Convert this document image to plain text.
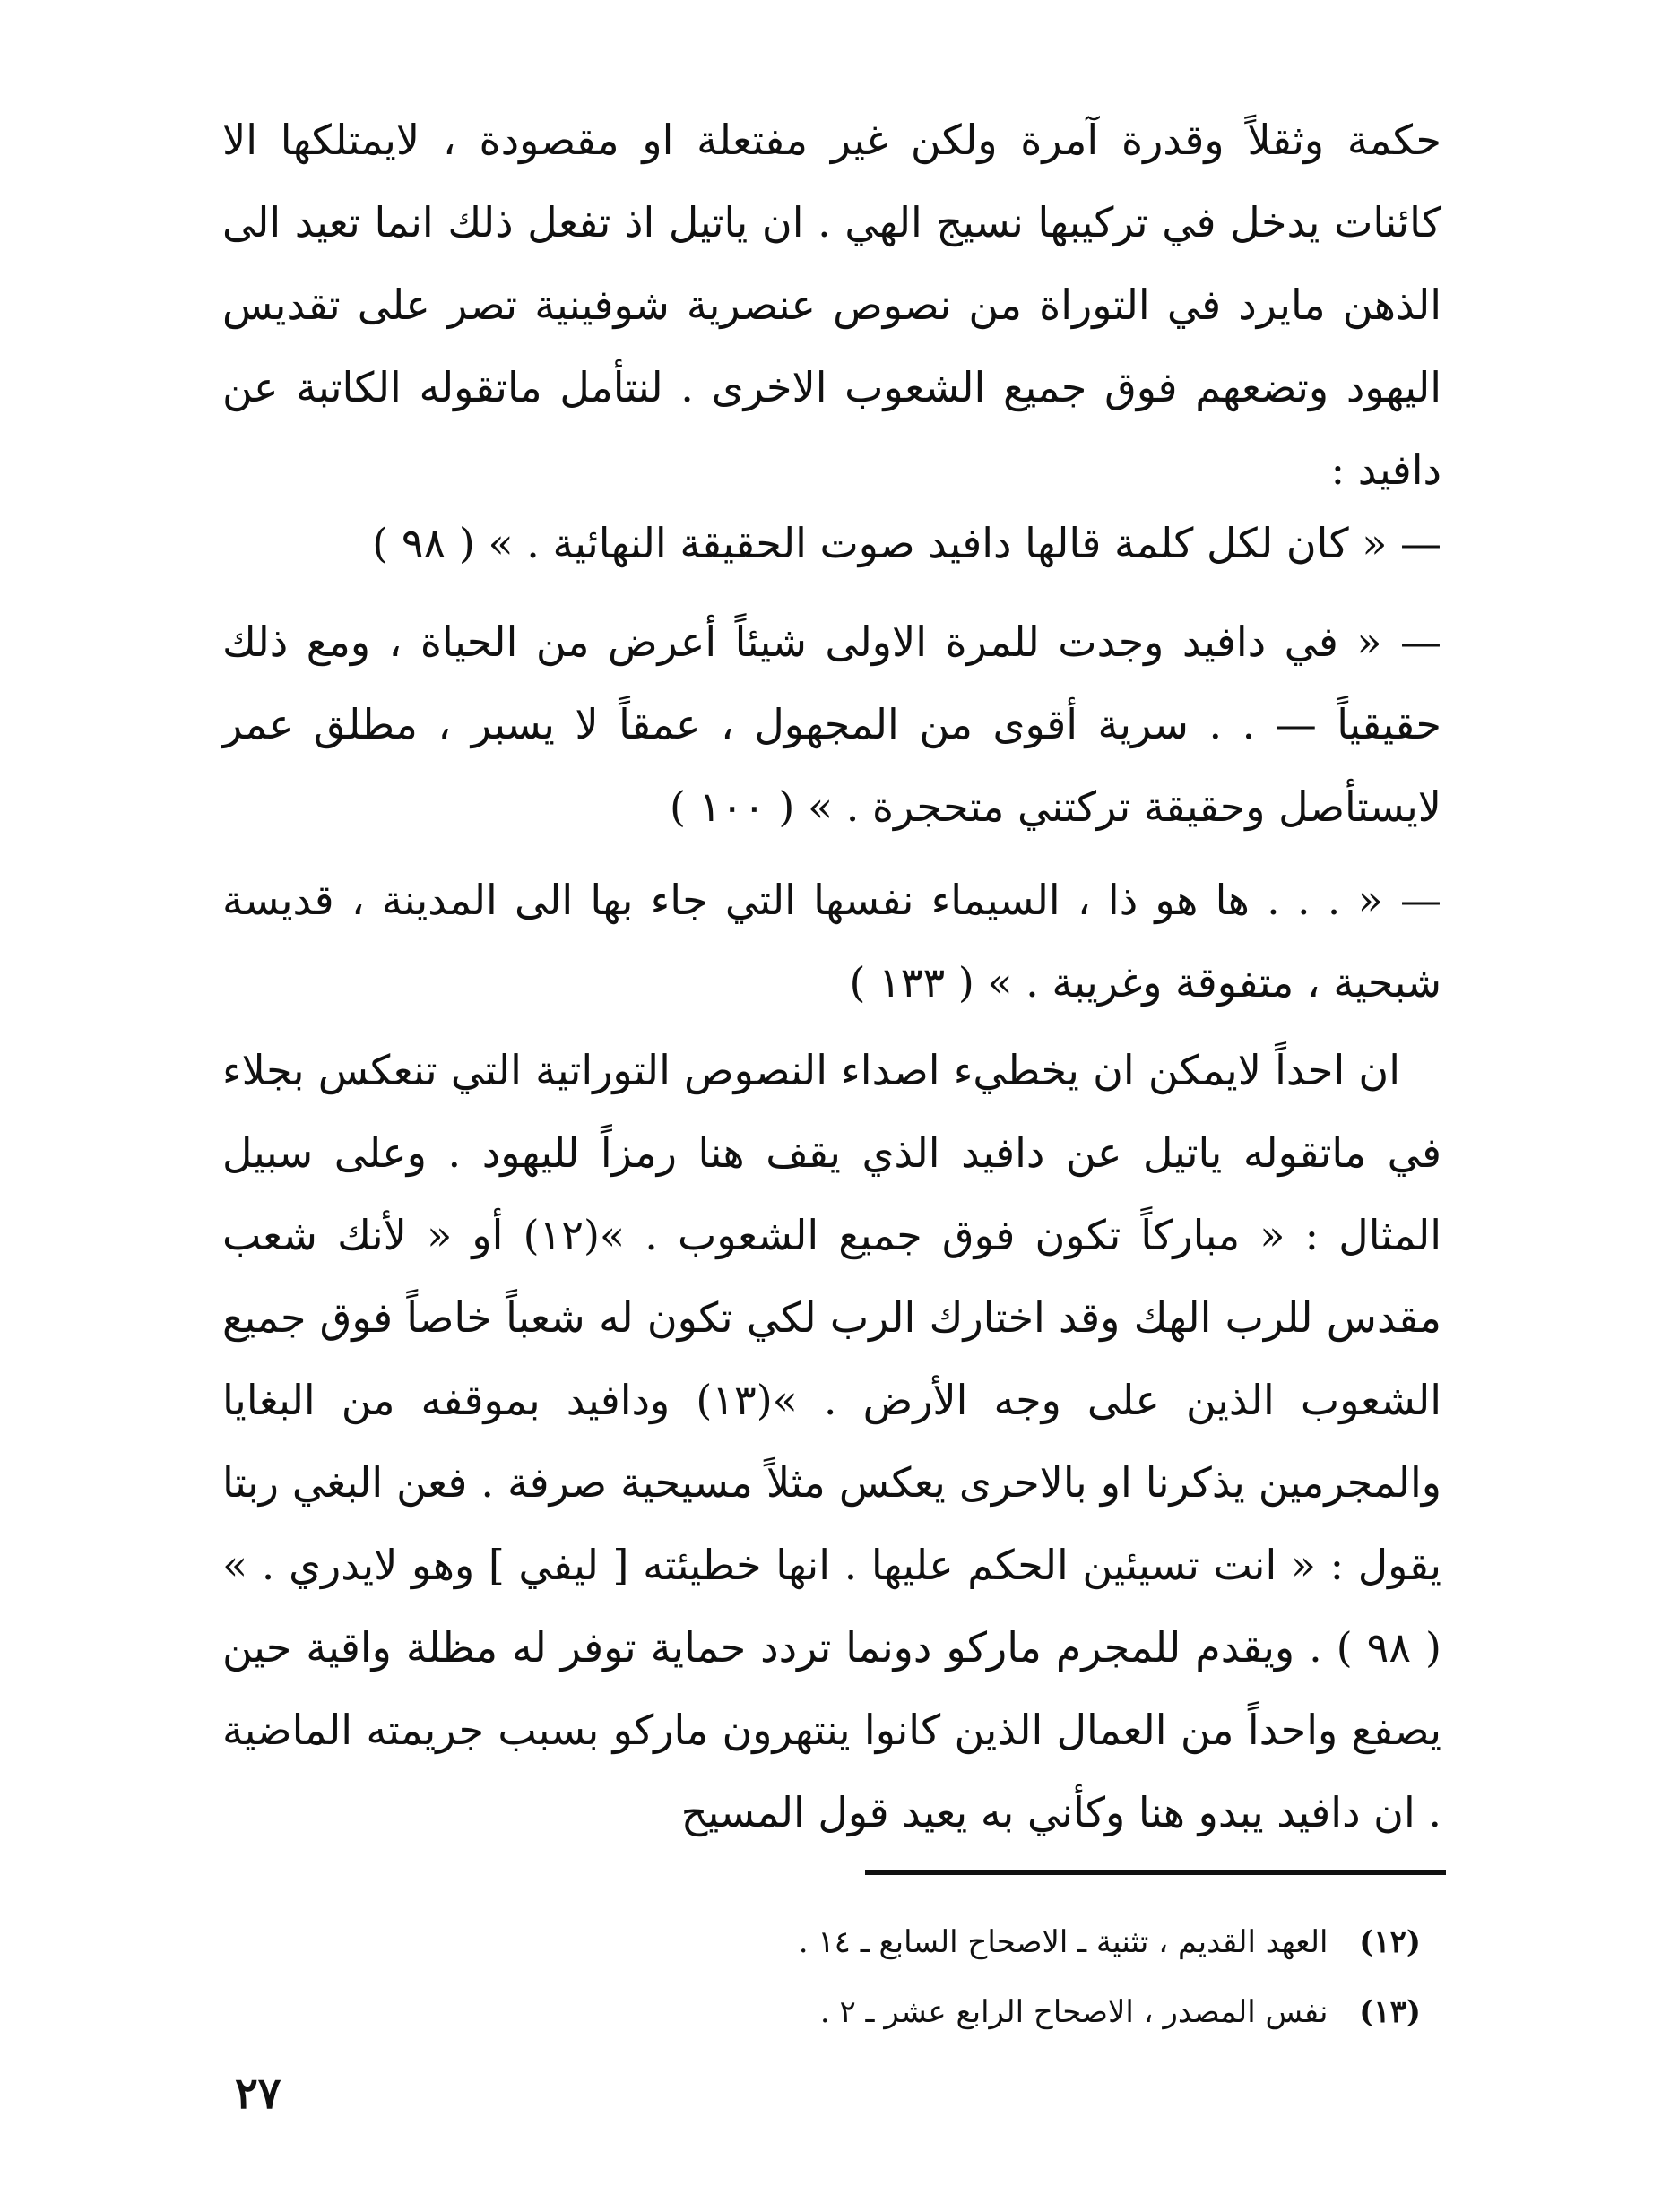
حكمة وثقلاً وقدرة آمرة ولكن غير مفتعلة او مقصودة ، لايمتلكها الا كائنات يدخل في تركيبها نسيج الهي . ان ياتيل اذ تفعل ذلك انما تعيد الى الذهن مايرد في التوراة من نصوص عنصرية شوفينية تصر على تقديس اليهود وتضعهم فوق جميع الشعوب الاخرى . لنتأمل ماتقوله الكاتبة عن دافيد :

— « كان لكل كلمة قالها دافيد صوت الحقيقة النهائية . » ( ٩٨ )

— « في دافيد وجدت للمرة الاولى شيئاً أعرض من الحياة ، ومع ذلك حقيقياً — . . سرية أقوى من المجهول ، عمقاً لا يسبر ، مطلق عمر لايستأصل وحقيقة تركتني متحجرة . » ( ١٠٠ )

— « . . . ها هو ذا ، السيماء نفسها التي جاء بها الى المدينة ، قديسة شبحية ، متفوقة وغريبة . » ( ١٣٣ )

ان احداً لايمكن ان يخطيء اصداء النصوص التوراتية التي تنعكس بجلاء في ماتقوله ياتيل عن دافيد الذي يقف هنا رمزاً لليهود . وعلى سبيل المثال : « مباركاً تكون فوق جميع الشعوب . »(١٢) أو « لأنك شعب مقدس للرب الهك وقد اختارك الرب لكي تكون له شعباً خاصاً فوق جميع الشعوب الذين على وجه الأرض . »(١٣) ودافيد بموقفه من البغايا والمجرمين يذكرنا او بالاحرى يعكس مثلاً مسيحية صرفة . فعن البغي ربتا يقول : « انت تسيئين الحكم عليها . انها خطيئته [ ليفي ] وهو لايدري . » ( ٩٨ ) . ويقدم للمجرم ماركو دونما تردد حماية توفر له مظلة واقية حين يصفع واحداً من العمال الذين كانوا ينتهرون ماركو بسبب جريمته الماضية . ان دافيد يبدو هنا وكأني به يعيد قول المسيح

(١٢) العهد القديم ، تثنية ـ الاصحاح السابع ـ ١٤ .
(١٣) نفس المصدر ، الاصحاح الرابع عشر ـ ٢ .
٢٧
